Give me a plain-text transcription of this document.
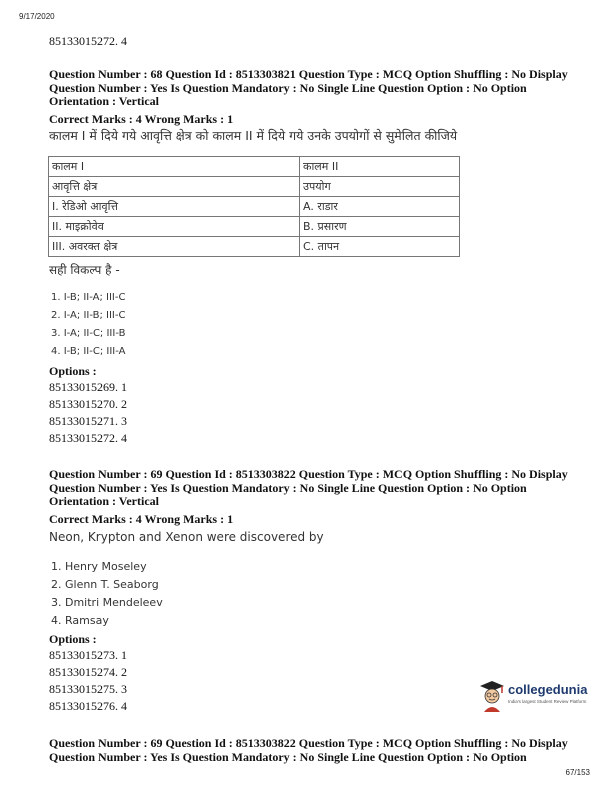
9/17/2020
85133015272. 4
Question Number : 68 Question Id : 8513303821 Question Type : MCQ Option Shuffling : No Display
Question Number : Yes Is Question Mandatory : No Single Line Question Option : No Option
Orientation : Vertical
Correct Marks : 4 Wrong Marks : 1
कालम I में दिये गये आवृत्ति क्षेत्र को कालम II में दिये गये उनके उपयोगों से सुमेलित कीजिये
कालम I	कालम II
आवृत्ति क्षेत्र	उपयोग
I. रेडिओ आवृत्ति	A. राडार
II. माइक्रोवेव	B. प्रसारण
III. अवरक्त क्षेत्र	C. तापन
सही विकल्प है -
1. I-B; II-A; III-C
2. I-A; II-B; III-C
3. I-A; II-C; III-B
4. I-B; II-C; III-A
Options :
85133015269. 1
85133015270. 2
85133015271. 3
85133015272. 4
Question Number : 69 Question Id : 8513303822 Question Type : MCQ Option Shuffling : No Display
Question Number : Yes Is Question Mandatory : No Single Line Question Option : No Option
Orientation : Vertical
Correct Marks : 4 Wrong Marks : 1
Neon, Krypton and Xenon were discovered by
1. Henry Moseley
2. Glenn T. Seaborg
3. Dmitri Mendeleev
4. Ramsay
Options :
85133015273. 1
85133015274. 2
85133015275. 3
85133015276. 4
collegedunia
India's largest Student Review Platform
Question Number : 69 Question Id : 8513303822 Question Type : MCQ Option Shuffling : No Display
Question Number : Yes Is Question Mandatory : No Single Line Question Option : No Option
67/153
